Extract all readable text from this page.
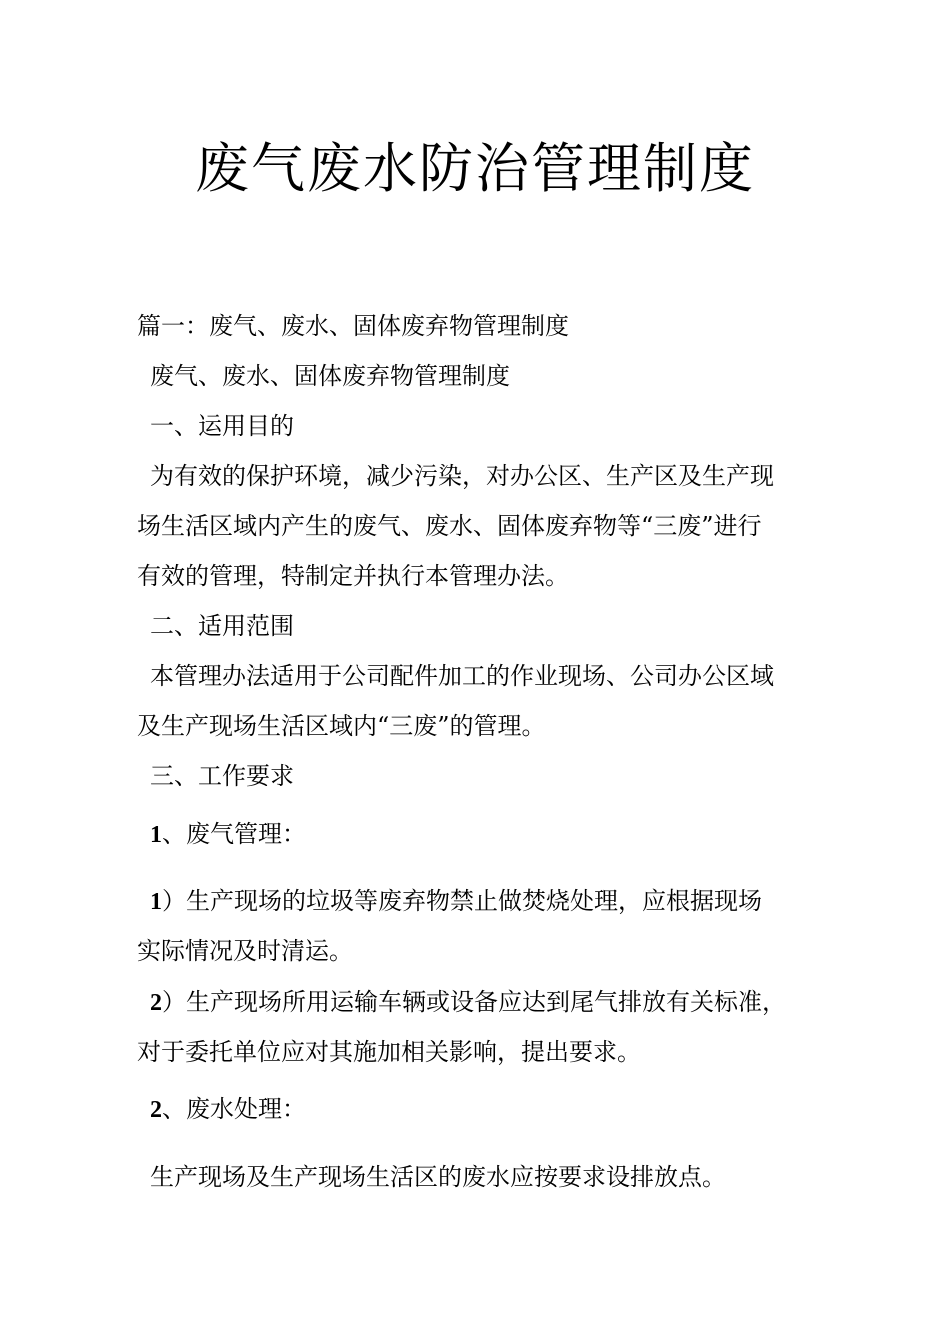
废气废水防治管理制度

篇一：废气、废水、固体废弃物管理制度

废气、废水、固体废弃物管理制度

一、运用目的

为有效的保护环境，减少污染，对办公区、生产区及生产现

场生活区域内产生的废气、废水、固体废弃物等“三废”进行

有效的管理，特制定并执行本管理办法。

二、适用范围

本管理办法适用于公司配件加工的作业现场、公司办公区域

及生产现场生活区域内“三废”的管理。

三、工作要求

1、废气管理：

1）生产现场的垃圾等废弃物禁止做焚烧处理，应根据现场

实际情况及时清运。

2）生产现场所用运输车辆或设备应达到尾气排放有关标准，

对于委托单位应对其施加相关影响，提出要求。

2、废水处理：

生产现场及生产现场生活区的废水应按要求设排放点。
